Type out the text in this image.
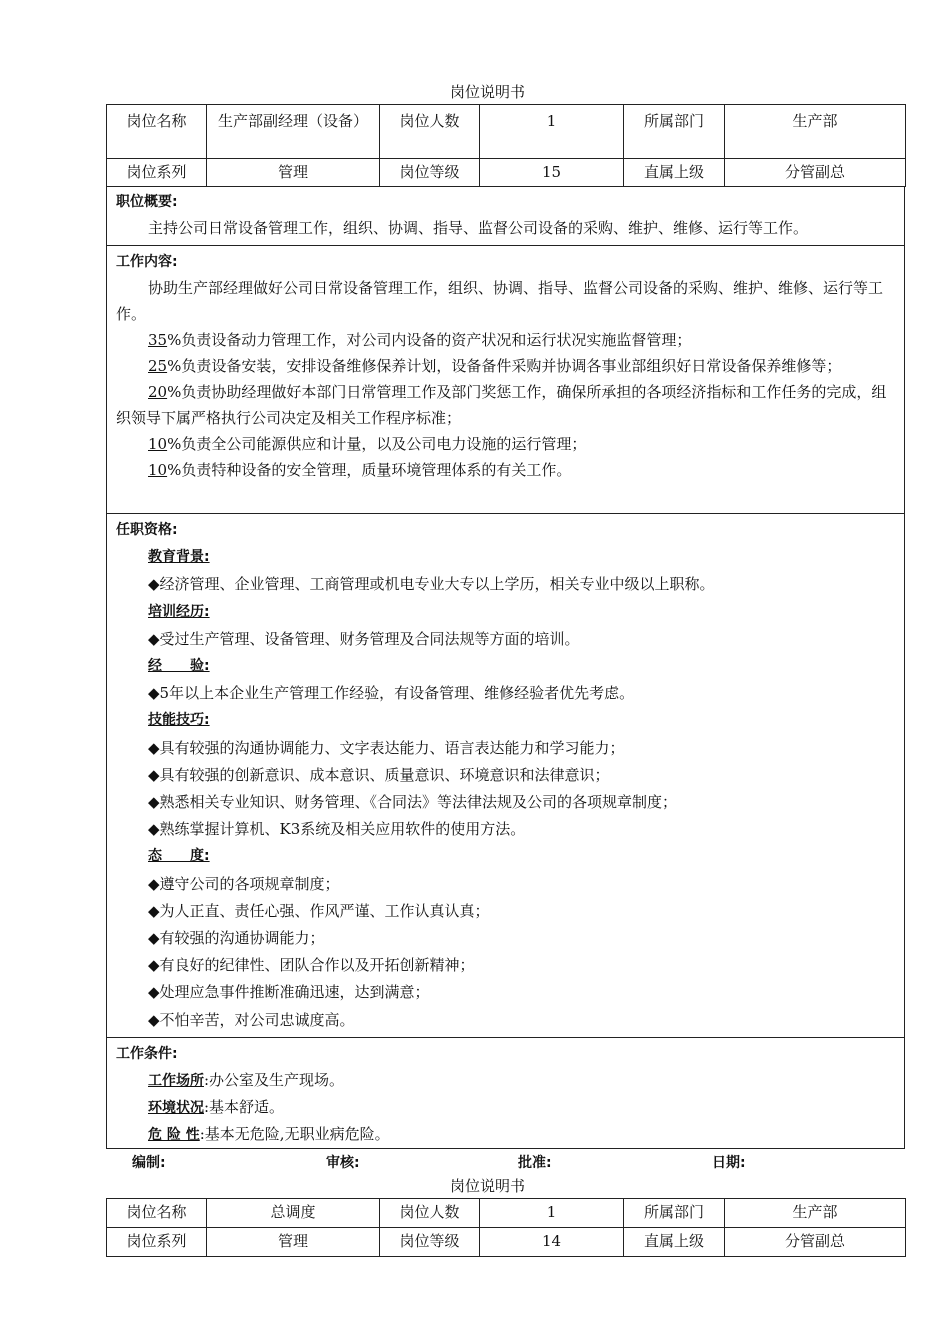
岗位说明书
岗位名称	生产部副经理（设备）	岗位人数	1	所属部门	生产部
岗位系列	管理	岗位等级	15	直属上级	分管副总
职位概要:
主持公司日常设备管理工作，组织、协调、指导、监督公司设备的采购、维护、维修、运行等工作。
工作内容:
协助生产部经理做好公司日常设备管理工作，组织、协调、指导、监督公司设备的采购、维护、维修、运行等工作。
35%负责设备动力管理工作，对公司内设备的资产状况和运行状况实施监督管理；
25%负责设备安装，安排设备维修保养计划，设备备件采购并协调各事业部组织好日常设备保养维修等；
20%负责协助经理做好本部门日常管理工作及部门奖惩工作，确保所承担的各项经济指标和工作任务的完成，组织领导下属严格执行公司决定及相关工作程序标准；
10%负责全公司能源供应和计量，以及公司电力设施的运行管理；
10%负责特种设备的安全管理，质量环境管理体系的有关工作。
任职资格:
教育背景:
◆经济管理、企业管理、工商管理或机电专业大专以上学历，相关专业中级以上职称。
培训经历:
◆受过生产管理、设备管理、财务管理及合同法规等方面的培训。
经　　验:
◆5年以上本企业生产管理工作经验，有设备管理、维修经验者优先考虑。
技能技巧:
◆具有较强的沟通协调能力、文字表达能力、语言表达能力和学习能力；
◆具有较强的创新意识、成本意识、质量意识、环境意识和法律意识；
◆熟悉相关专业知识、财务管理、《合同法》等法律法规及公司的各项规章制度；
◆熟练掌握计算机、K3系统及相关应用软件的使用方法。
态　　度:
◆遵守公司的各项规章制度；
◆为人正直、责任心强、作风严谨、工作认真认真；
◆有较强的沟通协调能力；
◆有良好的纪律性、团队合作以及开拓创新精神；
◆处理应急事件推断准确迅速，达到满意；
◆不怕辛苦，对公司忠诚度高。
工作条件:
工作场所:办公室及生产现场。
环境状况:基本舒适。
危 险 性:基本无危险,无职业病危险。
编制:	审核:	批准:	日期:
岗位说明书
岗位名称	总调度	岗位人数	1	所属部门	生产部
岗位系列	管理	岗位等级	14	直属上级	分管副总
